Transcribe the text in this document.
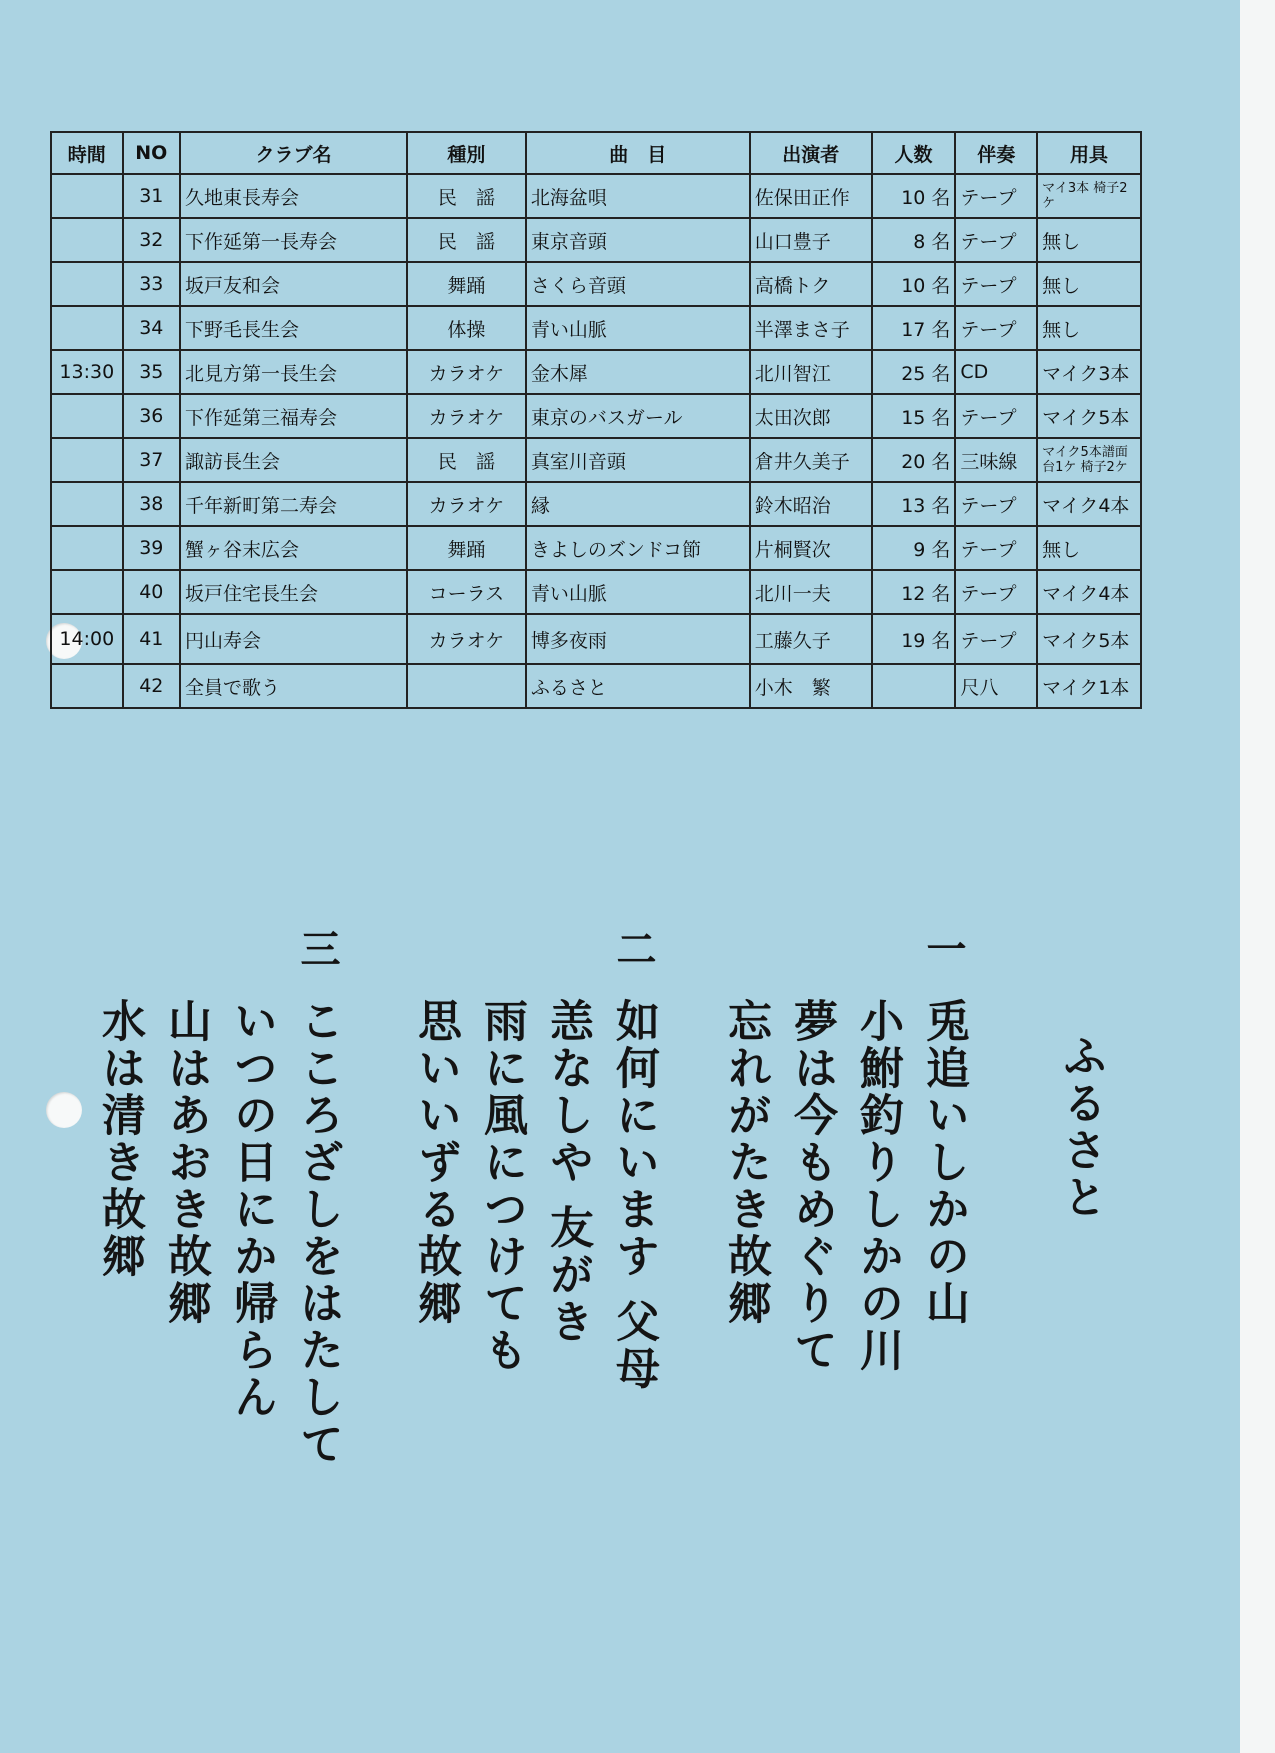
時間	NO	クラブ名	種別	曲　目	出演者	人数	伴奏	用具
	31	久地東長寿会	民　謡	北海盆唄	佐保田正作	10 名	テープ	マイ3本 椅子2ケ
	32	下作延第一長寿会	民　謡	東京音頭	山口豊子	8 名	テープ	無し
	33	坂戸友和会	舞踊	さくら音頭	高橋トク	10 名	テープ	無し
	34	下野毛長生会	体操	青い山脈	半澤まさ子	17 名	テープ	無し
13:30	35	北見方第一長生会	カラオケ	金木犀	北川智江	25 名	CD	マイク3本
	36	下作延第三福寿会	カラオケ	東京のバスガール	太田次郎	15 名	テープ	マイク5本
	37	諏訪長生会	民　謡	真室川音頭	倉井久美子	20 名	三味線	マイク5本譜面台1ケ 椅子2ケ
	38	千年新町第二寿会	カラオケ	縁	鈴木昭治	13 名	テープ	マイク4本
	39	蟹ヶ谷末広会	舞踊	きよしのズンドコ節	片桐賢次	9 名	テープ	無し
	40	坂戸住宅長生会	コーラス	青い山脈	北川一夫	12 名	テープ	マイク4本
14:00	41	円山寿会	カラオケ	博多夜雨	工藤久子	19 名	テープ	マイク5本
	42	全員で歌う		ふるさと	小木　繁		尺八	マイク1本
ふるさと
一
兎追いしかの山
小鮒釣りしかの川
夢は今もめぐりて
忘れがたき故郷
二
如何にいます 父母
恙なしや 友がき
雨に風につけても
思いいずる故郷
三
こころざしをはたして
いつの日にか帰らん
山はあおき故郷
水は清き故郷
